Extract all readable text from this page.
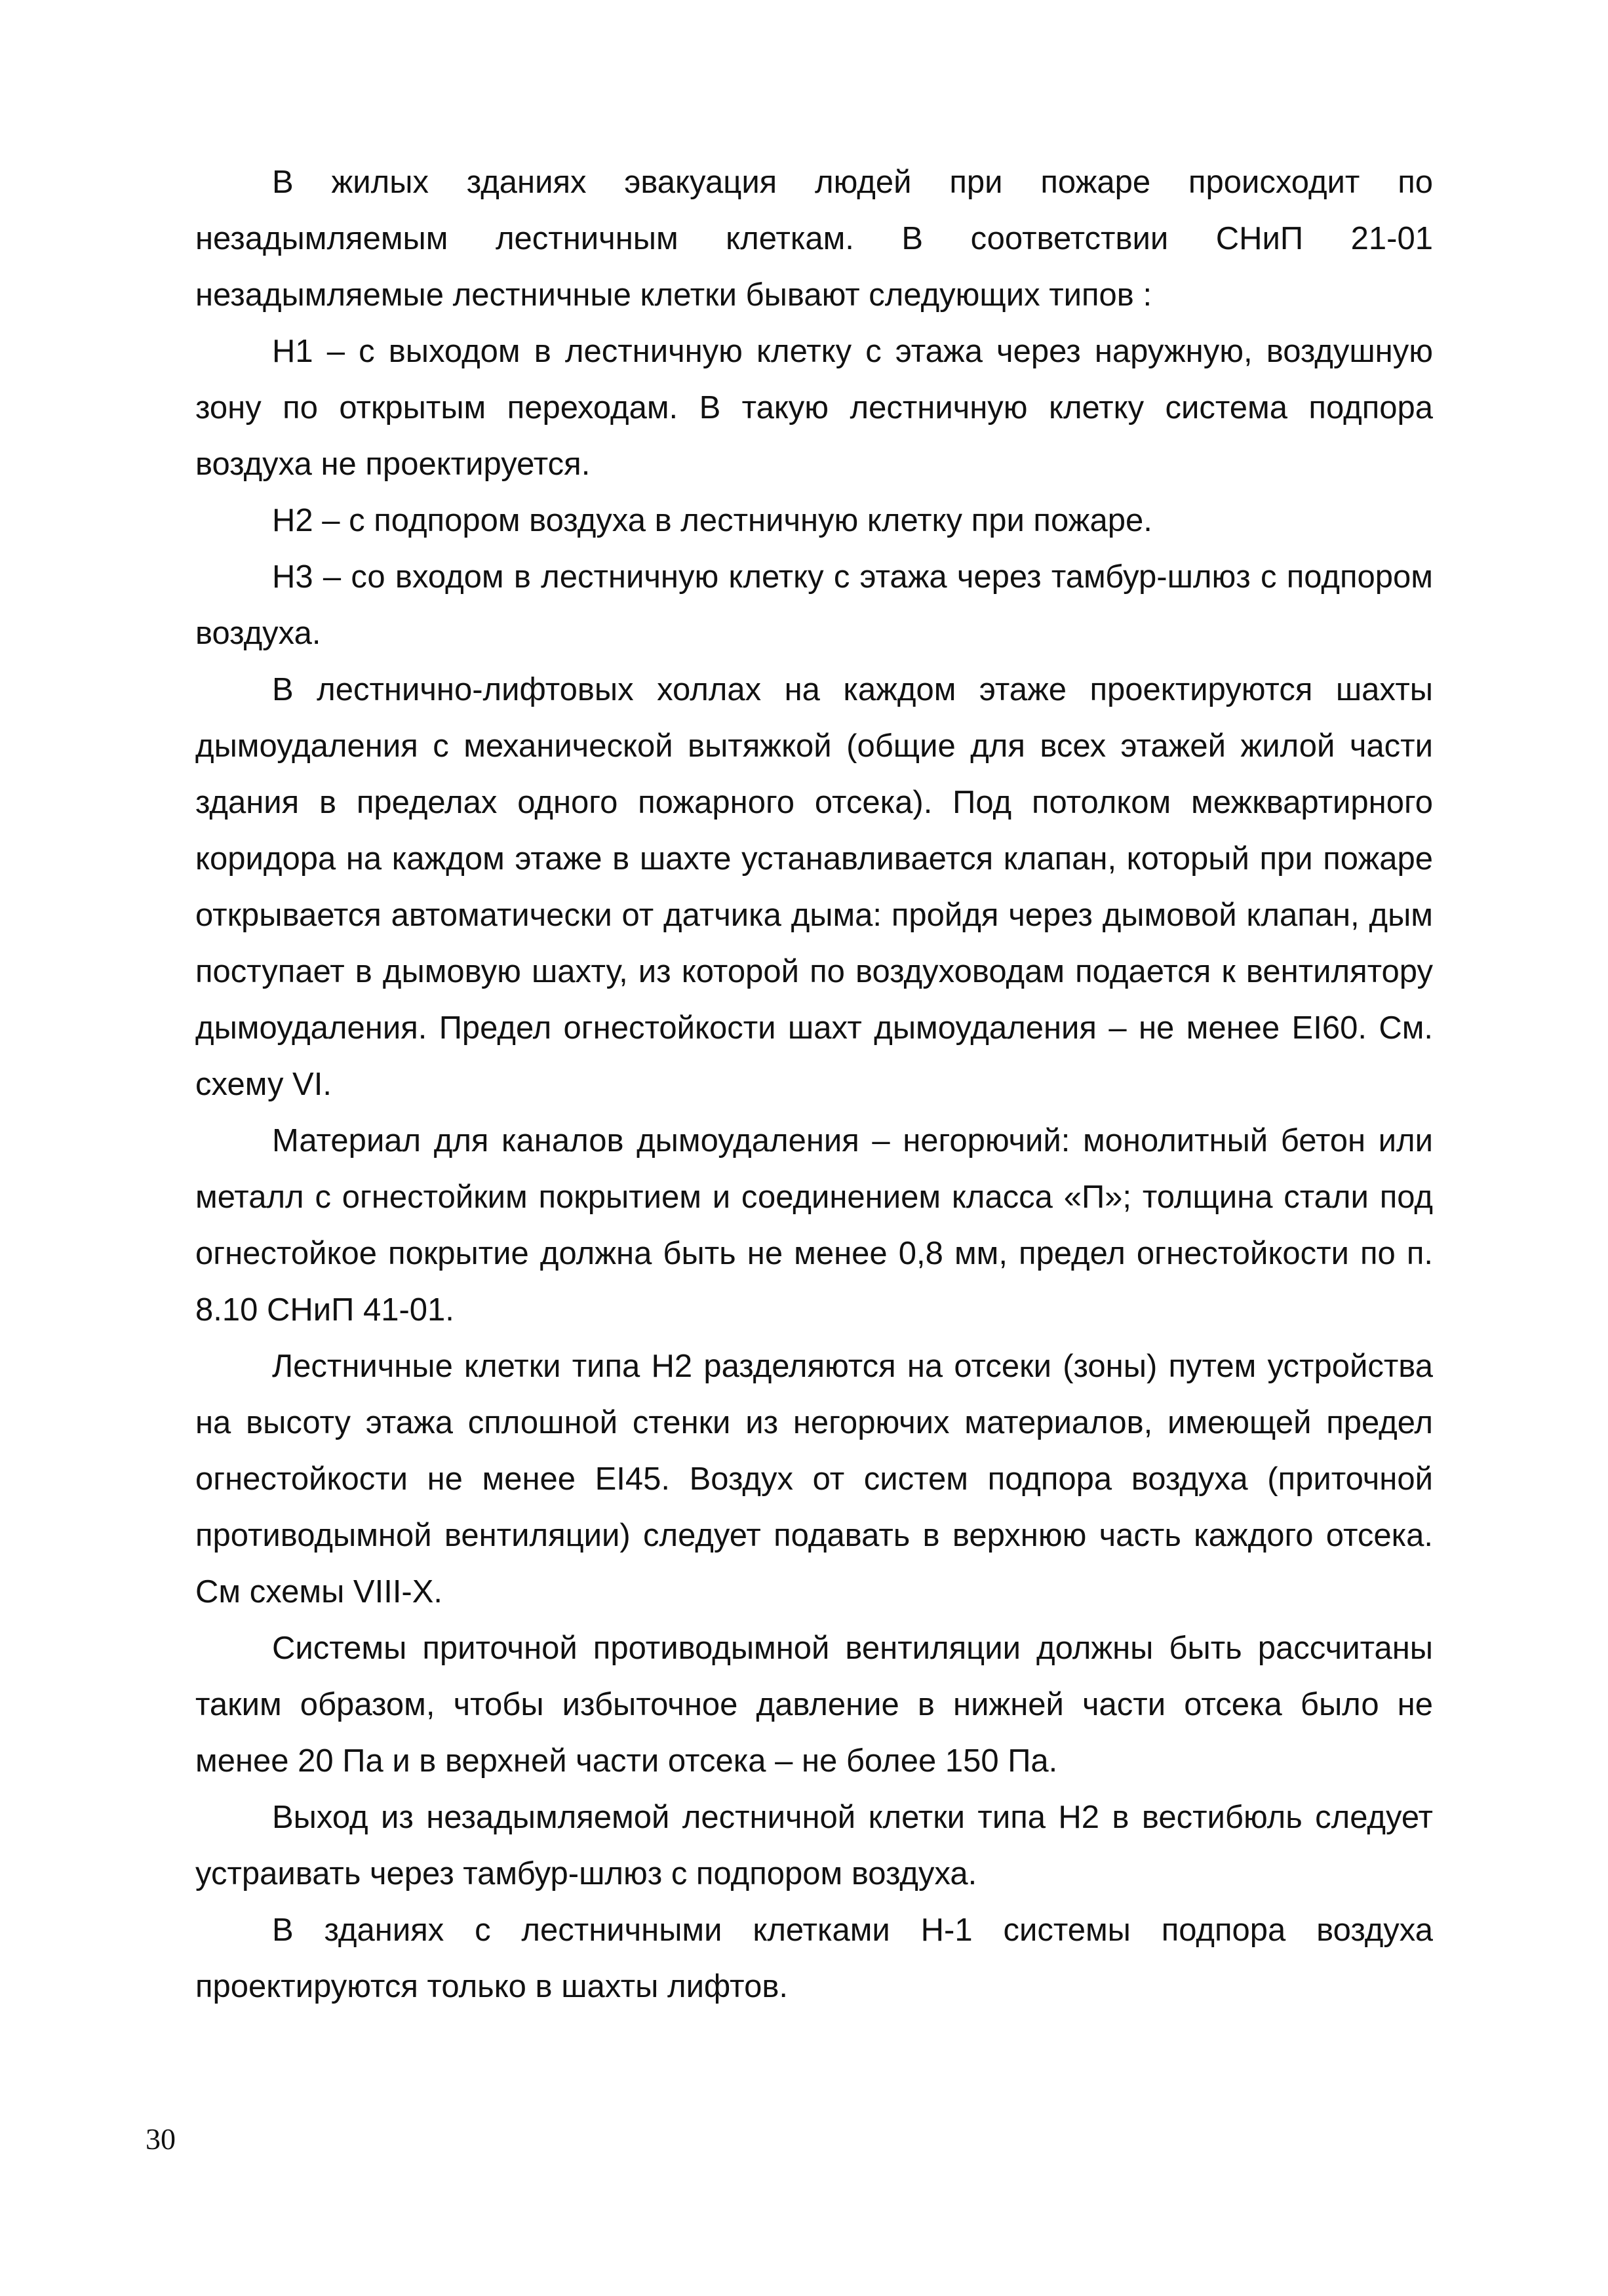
В жилых зданиях эвакуация людей при пожаре происходит по незадымляемым лестничным клеткам. В соответствии СНиП 21-01 незадымляемые лестничные клетки бывают следующих типов :

Н1 – с выходом в лестничную клетку с этажа через наружную, воздушную зону по открытым переходам. В такую лестничную клетку система подпора воздуха не проектируется.

Н2 – с подпором воздуха в лестничную клетку при пожаре.

Н3 – со входом в лестничную клетку с этажа через тамбур-шлюз с подпором воздуха.

В лестнично-лифтовых холлах на каждом этаже проектируются шахты дымоудаления с механической вытяжкой (общие для всех этажей жилой части здания в пределах одного пожарного отсека). Под потолком межквартирного коридора на каждом этаже в шахте устанавливается клапан, который при пожаре открывается автоматически от датчика дыма: пройдя через дымовой клапан, дым поступает в дымовую шахту, из которой по воздуховодам подается к вентилятору дымоудаления. Предел огнестойкости шахт дымоудаления – не менее EI60. См. схему VI.

Материал для каналов дымоудаления – негорючий: монолитный бетон или металл с огнестойким покрытием и соединением класса «П»; толщина стали под огнестойкое покрытие должна быть не менее 0,8 мм, предел огнестойкости по п. 8.10 СНиП 41-01.

Лестничные клетки типа Н2 разделяются на отсеки (зоны) путем устройства на высоту этажа сплошной стенки из негорючих материалов, имеющей предел огнестойкости не менее EI45. Воздух от систем подпора воздуха (приточной противодымной вентиляции) следует подавать в верхнюю часть каждого отсека. См схемы VIII-X.

Системы приточной противодымной вентиляции должны быть рассчитаны таким образом, чтобы избыточное давление в нижней части отсека было не менее 20 Па и в верхней части отсека – не более 150 Па.

Выход из незадымляемой лестничной клетки типа Н2 в вестибюль следует устраивать через тамбур-шлюз с подпором воздуха.

В зданиях с лестничными клетками Н-1 системы подпора воздуха проектируются только в шахты лифтов.

30
